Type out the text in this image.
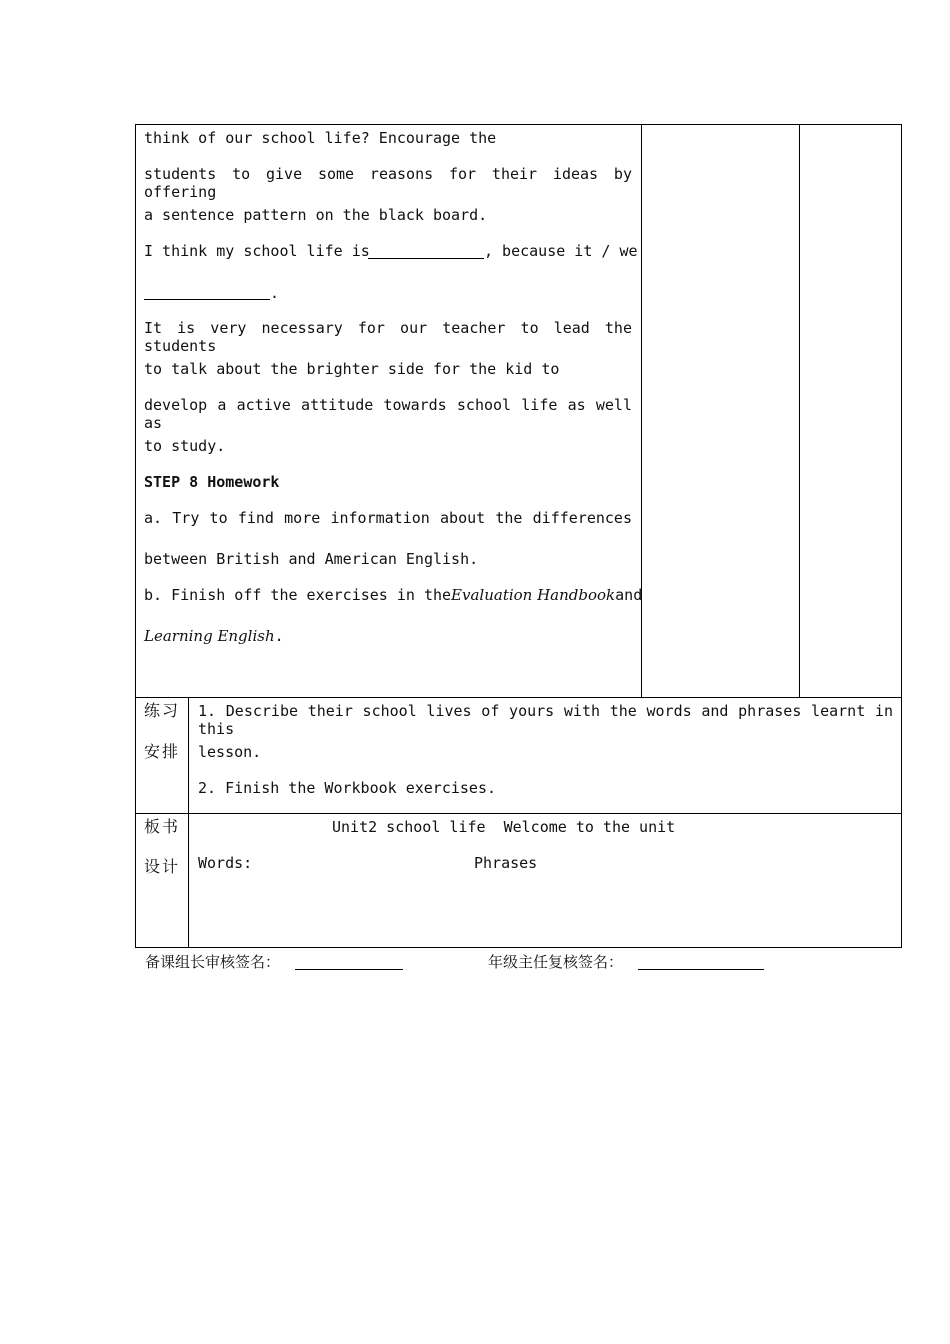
think of our school life? Encourage the
students to give some reasons for their ideas by offering
a sentence pattern on the black board.
I think my school life is	, because it / we
.
It is very necessary for our teacher to lead the students
to talk about the brighter side for the kid to
develop a active attitude towards school life as well as
to study.
STEP 8 Homework
a. Try to find more information about the differences
between British and American English.
b. Finish off the exercises in the Evaluation Handbook and
Learning English.
练习
安排
1. Describe their school lives of yours with the words and phrases learnt in this
lesson.
2. Finish the Workbook exercises.
板书
设计
Unit2 school life  Welcome to the unit
Words:	Phrases
备课组长审核签名：	年级主任复核签名：
